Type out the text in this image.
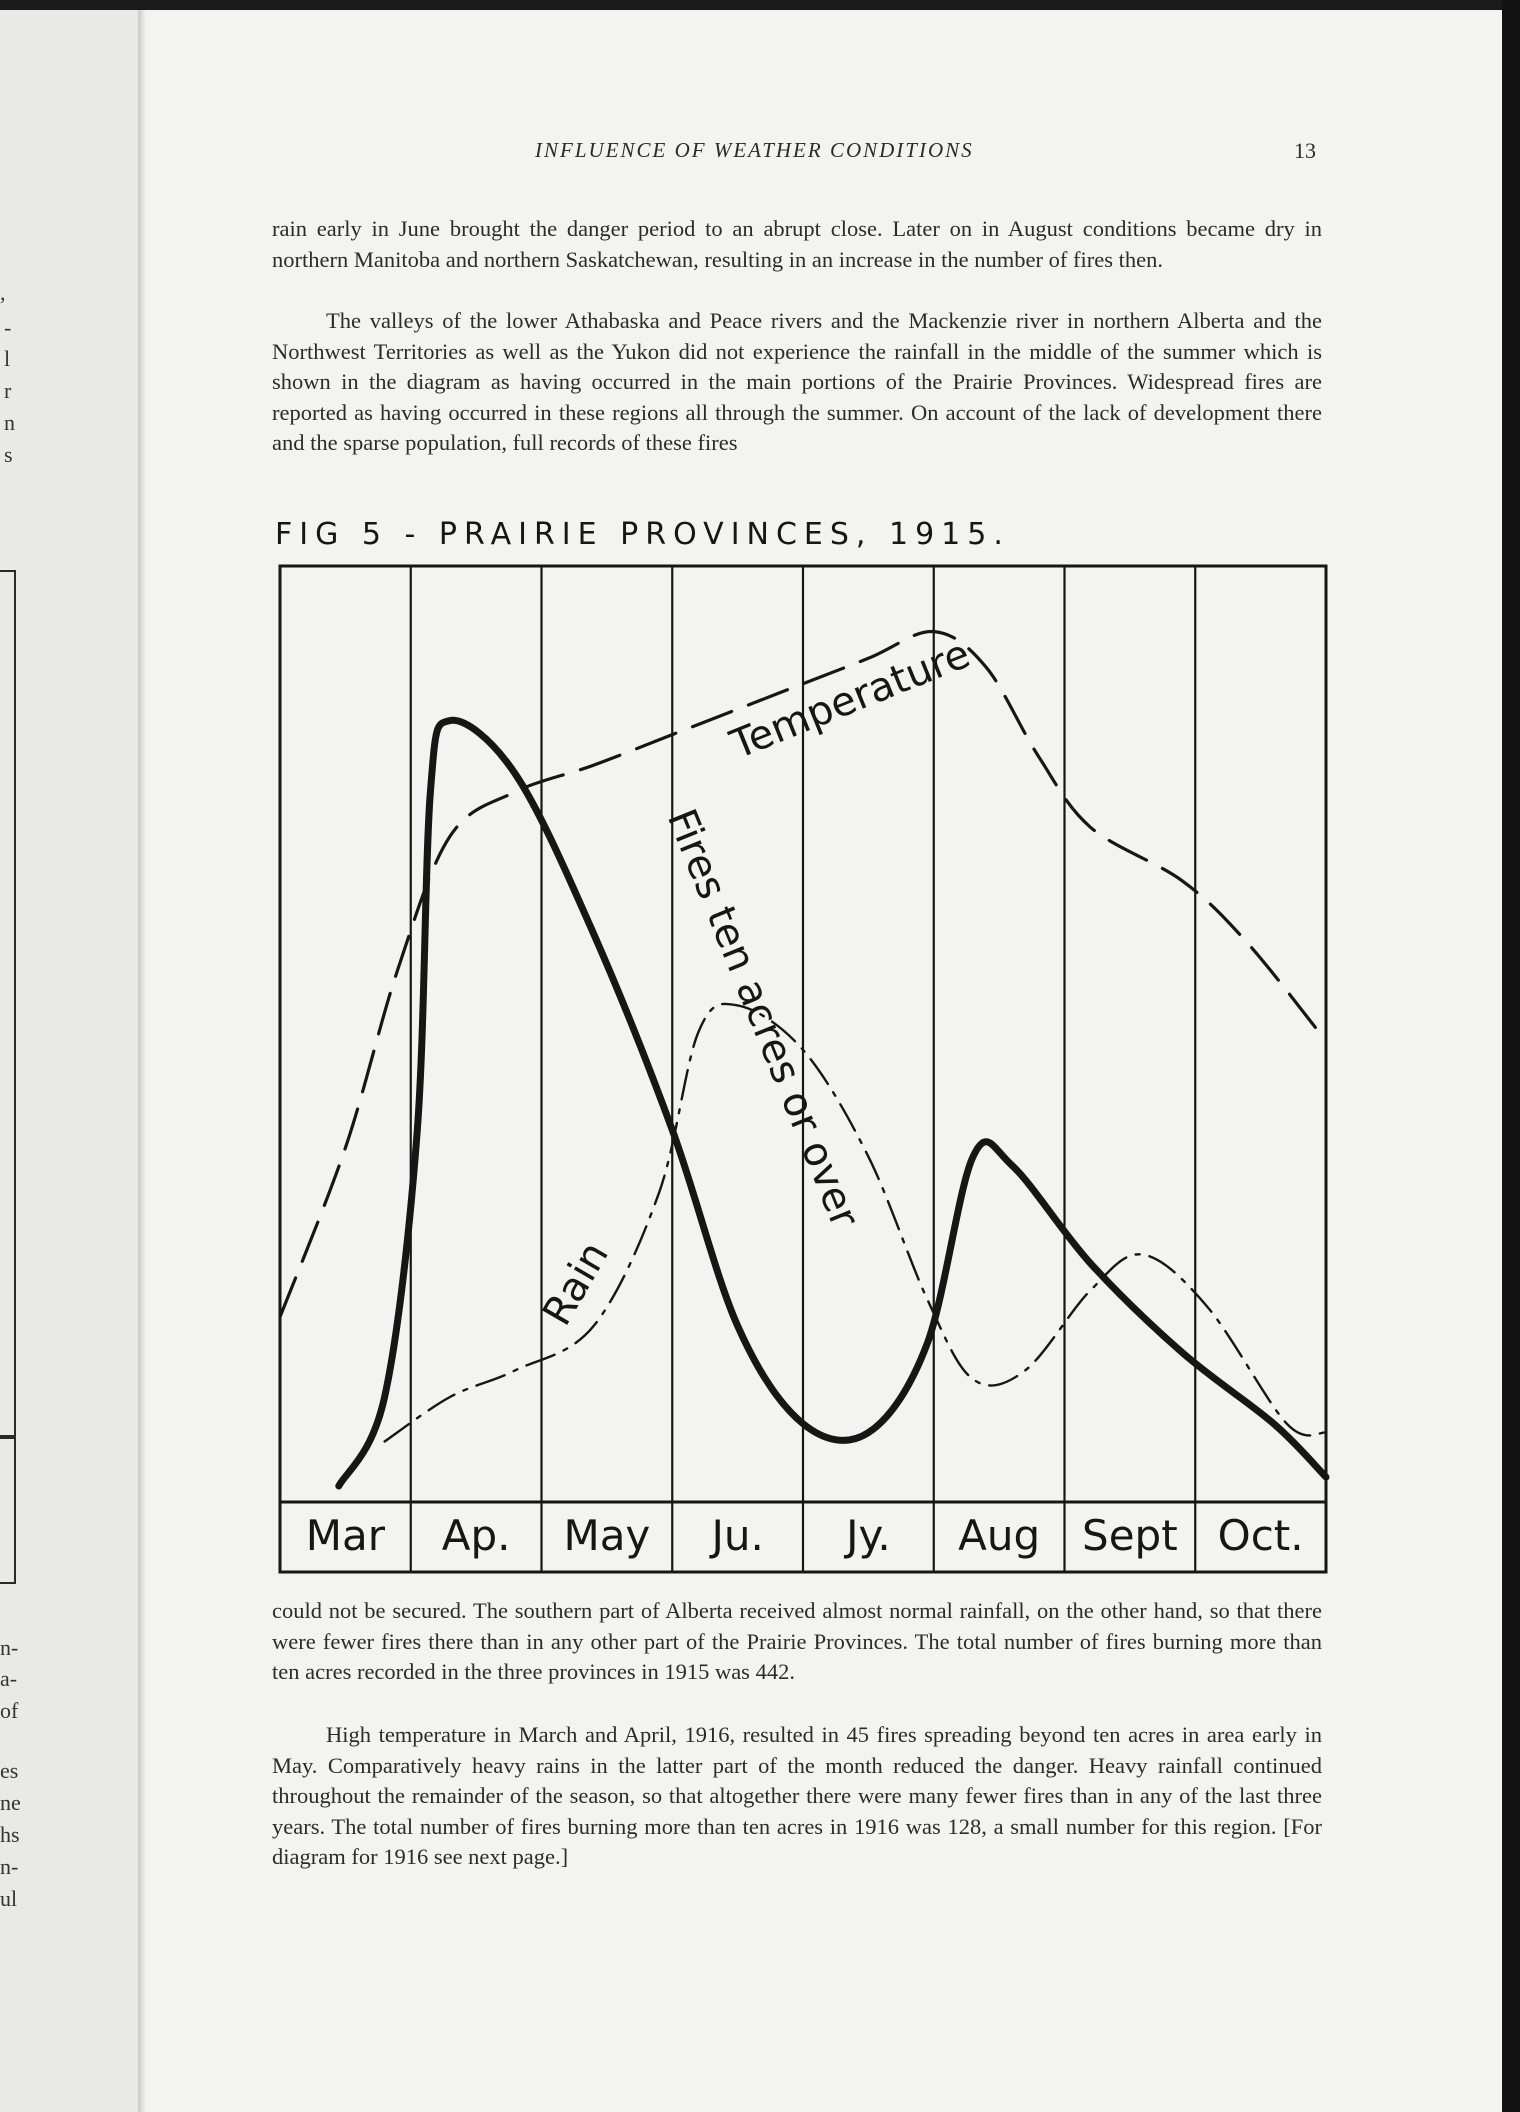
,
-
l
r
n
s
n-
a-
of
es
ne
hs
n-
ul
INFLUENCE OF WEATHER CONDITIONS	13

rain early in June brought the danger period to an abrupt close. Later on in August conditions became dry in northern Manitoba and northern Saskatchewan, resulting in an increase in the number of fires then.

The valleys of the lower Athabaska and Peace rivers and the Mackenzie river in northern Alberta and the Northwest Territories as well as the Yukon did not experience the rainfall in the middle of the summer which is shown in the diagram as having occurred in the main portions of the Prairie Provinces. Widespread fires are reported as having occurred in these regions all through the summer. On account of the lack of development there and the sparse population, full records of these fires

FIG 5 - PRAIRIE PROVINCES, 1915.
Temperature
Fires ten acres or over
Rain
Mar Ap. May Ju. Jy. Aug Sept Oct.

could not be secured. The southern part of Alberta received almost normal rainfall, on the other hand, so that there were fewer fires there than in any other part of the Prairie Provinces. The total number of fires burning more than ten acres recorded in the three provinces in 1915 was 442.

High temperature in March and April, 1916, resulted in 45 fires spreading beyond ten acres in area early in May. Comparatively heavy rains in the latter part of the month reduced the danger. Heavy rainfall continued throughout the remainder of the season, so that altogether there were many fewer fires than in any of the last three years. The total number of fires burning more than ten acres in 1916 was 128, a small number for this region. [For diagram for 1916 see next page.]
